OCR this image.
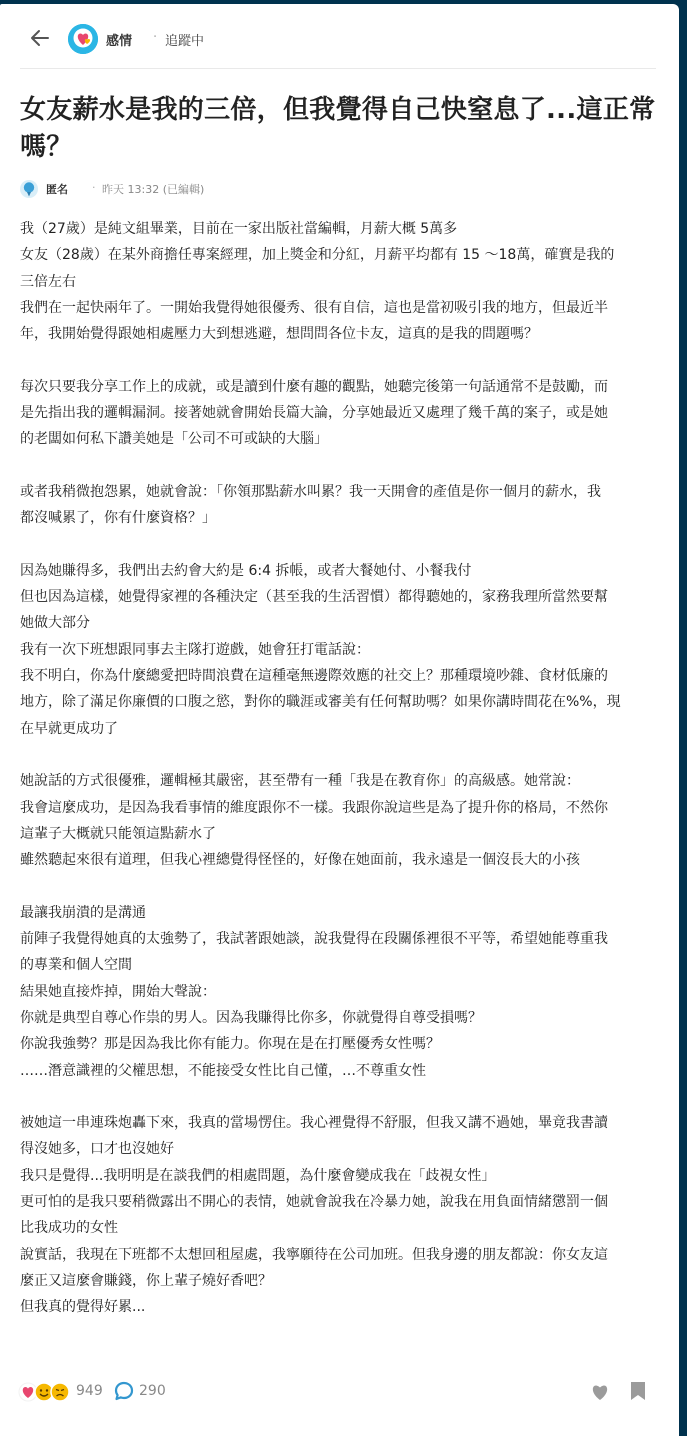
感情 · 追蹤中
女友薪水是我的三倍，但我覺得自己快窒息了...這正常
嗎？
匿名 · 昨天 13:32 (已編輯)
我（27歲）是純文組畢業，目前在一家出版社當編輯，月薪大概 5萬多
女友（28歲）在某外商擔任專案經理，加上獎金和分紅，月薪平均都有 15 ～18萬，確實是我的
三倍左右
我們在一起快兩年了。一開始我覺得她很優秀、很有自信，這也是當初吸引我的地方，但最近半
年，我開始覺得跟她相處壓力大到想逃避，想問問各位卡友，這真的是我的問題嗎？
每次只要我分享工作上的成就，或是讀到什麼有趣的觀點，她聽完後第一句話通常不是鼓勵，而
是先指出我的邏輯漏洞。接著她就會開始長篇大論，分享她最近又處理了幾千萬的案子，或是她
的老闆如何私下讚美她是「公司不可或缺的大腦」
或者我稍微抱怨累，她就會說：「你領那點薪水叫累？我一天開會的產值是你一個月的薪水，我
都沒喊累了，你有什麼資格？」
因為她賺得多，我們出去約會大約是 6:4 拆帳，或者大餐她付、小餐我付
但也因為這樣，她覺得家裡的各種決定（甚至我的生活習慣）都得聽她的，家務我理所當然要幫
她做大部分
我有一次下班想跟同事去主隊打遊戲，她會狂打電話說：
我不明白，你為什麼總愛把時間浪費在這種毫無邊際效應的社交上？那種環境吵雜、食材低廉的
地方，除了滿足你廉價的口腹之慾，對你的職涯或審美有任何幫助嗎？如果你講時間花在%%，現
在早就更成功了
她說話的方式很優雅，邏輯極其嚴密，甚至帶有一種「我是在教育你」的高級感。她常說：
我會這麼成功，是因為我看事情的維度跟你不一樣。我跟你說這些是為了提升你的格局，不然你
這輩子大概就只能領這點薪水了
雖然聽起來很有道理，但我心裡總覺得怪怪的，好像在她面前，我永遠是一個沒長大的小孩
最讓我崩潰的是溝通
前陣子我覺得她真的太強勢了，我試著跟她談，說我覺得在段關係裡很不平等，希望她能尊重我
的專業和個人空間
結果她直接炸掉，開始大聲說：
你就是典型自尊心作祟的男人。因為我賺得比你多，你就覺得自尊受損嗎？
你說我強勢？那是因為我比你有能力。你現在是在打壓優秀女性嗎？
……潛意識裡的父權思想，不能接受女性比自己懂，…不尊重女性
被她這一串連珠炮轟下來，我真的當場愣住。我心裡覺得不舒服，但我又講不過她，畢竟我書讀
得沒她多，口才也沒她好
我只是覺得...我明明是在談我們的相處問題，為什麼會變成我在「歧視女性」
更可怕的是我只要稍微露出不開心的表情，她就會說我在冷暴力她，說我在用負面情緒懲罰一個
比我成功的女性
說實話，我現在下班都不太想回租屋處，我寧願待在公司加班。但我身邊的朋友都說：你女友這
麼正又這麼會賺錢，你上輩子燒好香吧？
但我真的覺得好累...
949	290
